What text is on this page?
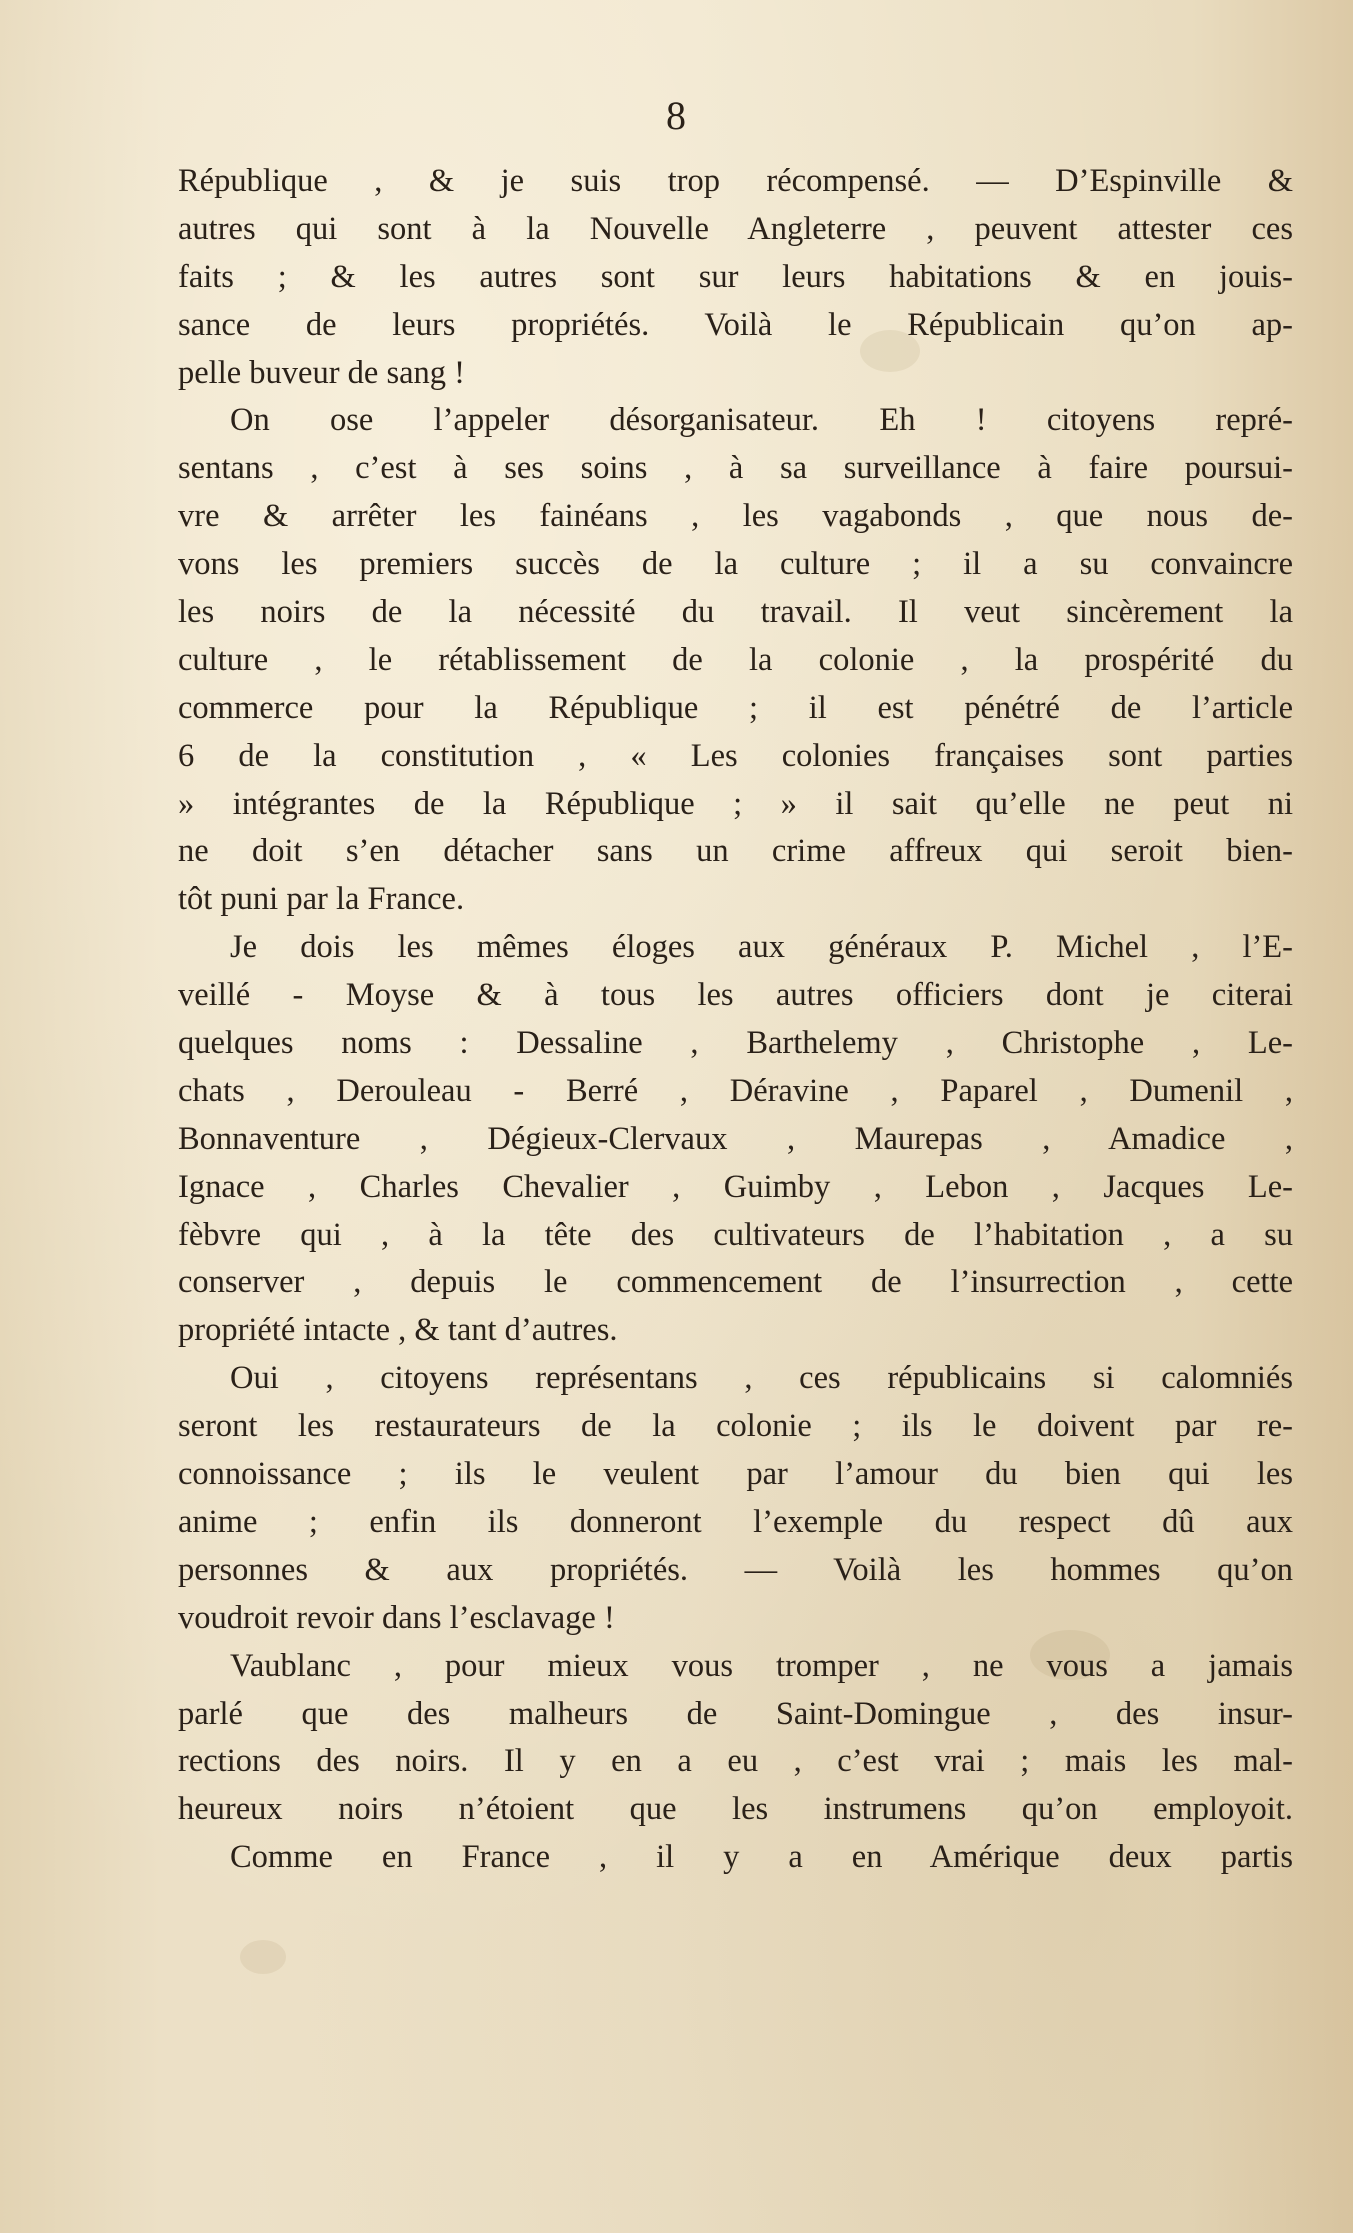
8
République , & je suis trop récompensé. — D’Espinville &
autres qui sont à la Nouvelle Angleterre , peuvent attester ces
faits ; & les autres sont sur leurs habitations & en jouis-
sance de leurs propriétés. Voilà le Républicain qu’on ap-
pelle buveur de sang !
On ose l’appeler désorganisateur. Eh ! citoyens repré-
sentans , c’est à ses soins , à sa surveillance à faire poursui-
vre & arrêter les fainéans , les vagabonds , que nous de-
vons les premiers succès de la culture ; il a su convaincre
les noirs de la nécessité du travail. Il veut sincèrement la
culture , le rétablissement de la colonie , la prospérité du
commerce pour la République ; il est pénétré de l’article
6 de la constitution , « Les colonies françaises sont parties
» intégrantes de la République ; » il sait qu’elle ne peut ni
ne doit s’en détacher sans un crime affreux qui seroit bien-
tôt puni par la France.
Je dois les mêmes éloges aux généraux P. Michel , l’E-
veillé - Moyse & à tous les autres officiers dont je citerai
quelques noms : Dessaline , Barthelemy , Christophe , Le-
chats , Derouleau - Berré , Déravine , Paparel , Dumenil ,
Bonnaventure , Dégieux-Clervaux , Maurepas , Amadice ,
Ignace , Charles Chevalier , Guimby , Lebon , Jacques Le-
fèbvre qui , à la tête des cultivateurs de l’habitation , a su
conserver , depuis le commencement de l’insurrection , cette
propriété intacte , & tant d’autres.
Oui , citoyens représentans , ces républicains si calomniés
seront les restaurateurs de la colonie ; ils le doivent par re-
connoissance ; ils le veulent par l’amour du bien qui les
anime ; enfin ils donneront l’exemple du respect dû aux
personnes & aux propriétés. — Voilà les hommes qu’on
voudroit revoir dans l’esclavage !
Vaublanc , pour mieux vous tromper , ne vous a jamais
parlé que des malheurs de Saint-Domingue , des insur-
rections des noirs. Il y en a eu , c’est vrai ; mais les mal-
heureux noirs n’étoient que les instrumens qu’on employoit.
Comme en France , il y a en Amérique deux partis
